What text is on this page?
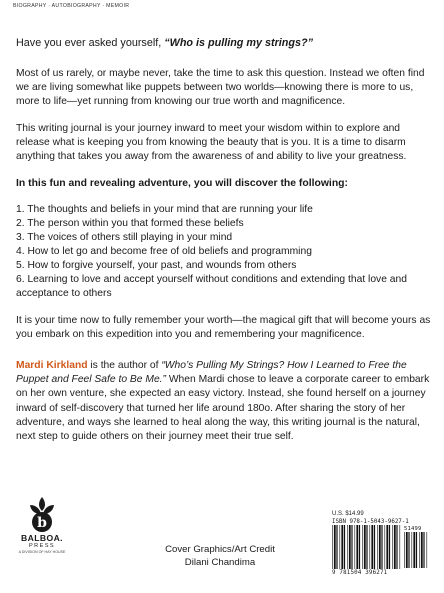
BIOGRAPHY · AUTOBIOGRAPHY · MEMOIR

Have you ever asked yourself, “Who is pulling my strings?”

Most of us rarely, or maybe never, take the time to ask this question. Instead we often find we are living somewhat like puppets between two worlds—knowing there is more to us, more to life—yet running from knowing our true worth and magnificence.

This writing journal is your journey inward to meet your wisdom within to explore and release what is keeping you from knowing the beauty that is you. It is a time to disarm anything that takes you away from the awareness of and ability to live your greatness.

In this fun and revealing adventure, you will discover the following:

1. The thoughts and beliefs in your mind that are running your life
2. The person within you that formed these beliefs
3. The voices of others still playing in your mind
4. How to let go and become free of old beliefs and programming
5. How to forgive yourself, your past, and wounds from others
6. Learning to love and accept yourself without conditions and extending that love and acceptance to others

It is your time now to fully remember your worth—the magical gift that will become yours as you embark on this expedition into you and remembering your magnificence.

Mardi Kirkland is the author of “Who’s Pulling My Strings? How I Learned to Free the Puppet and Feel Safe to Be Me.” When Mardi chose to leave a corporate career to embark on her own venture, she expected an easy victory. Instead, she found herself on a journey inward of self-discovery that turned her life around 180o. After sharing the story of her adventure, and ways she learned to heal along the way, this writing journal is the natural, next step to guide others on their journey meet their true self.

b
BALBOA.
PRESS
A DIVISION OF HAY HOUSE	Cover Graphics/Art Credit
Dilani Chandima
U.S. $14.99
ISBN 978-1-5043-9627-1
51499
9 781504 396271
